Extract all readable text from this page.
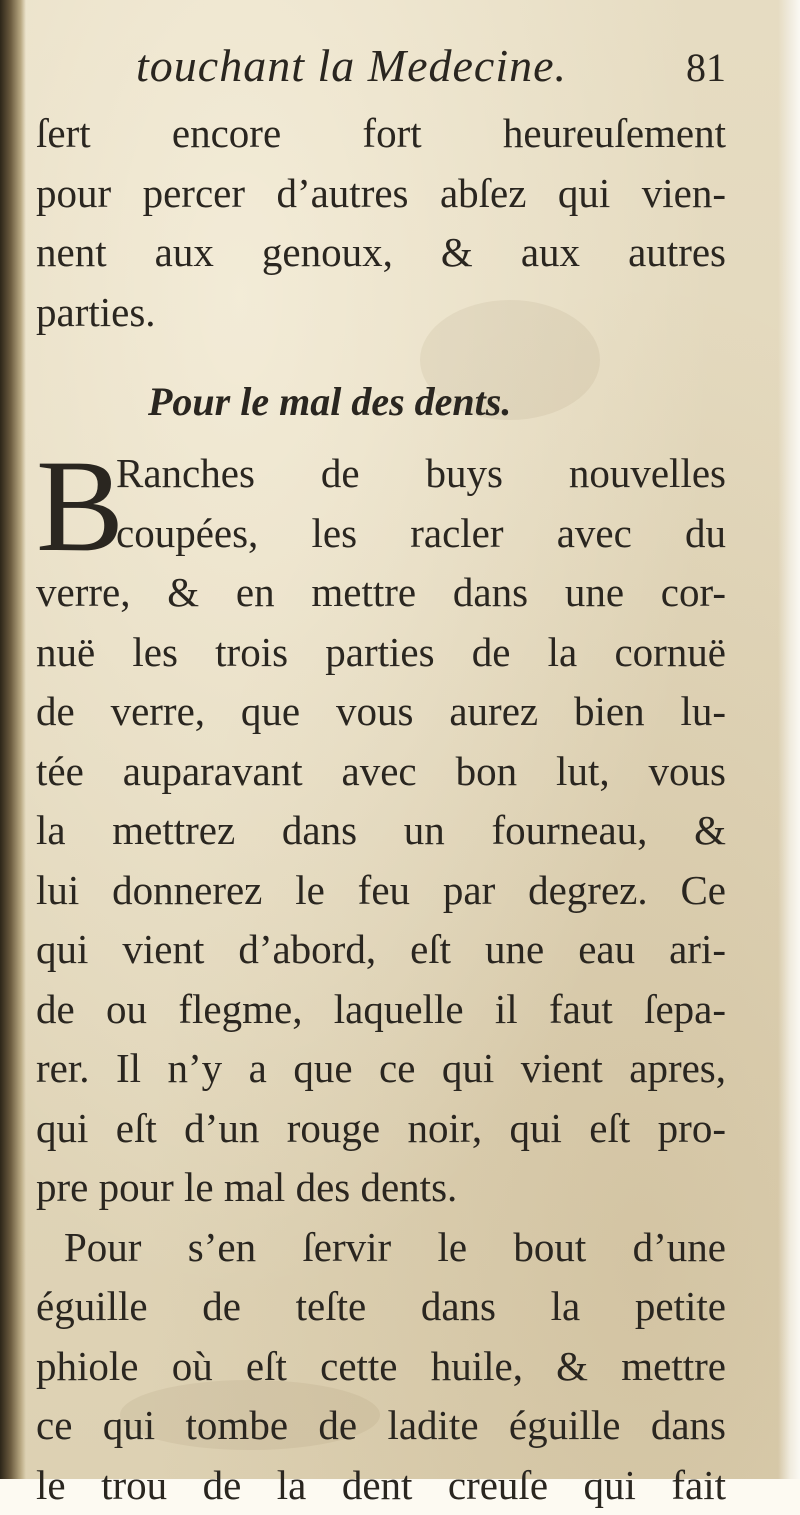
touchant la Medecine.	81
ſert encore fort heureuſement
pour percer d’autres abſez qui vien-
nent aux genoux, & aux autres
parties.
Pour le mal des dents.
B
Ranches de buys nouvelles
coupées, les racler avec du
verre, & en mettre dans une cor-
nuë les trois parties de la cornuë
de verre, que vous aurez bien lu-
tée auparavant avec bon lut, vous
la mettrez dans un fourneau, &
lui donnerez le feu par degrez. Ce
qui vient d’abord, eſt une eau ari-
de ou flegme, laquelle il faut ſepa-
rer. Il n’y a que ce qui vient apres,
qui eſt d’un rouge noir, qui eſt pro-
pre pour le mal des dents.
Pour s’en ſervir le bout d’une
éguille de teſte dans la petite
phiole où eſt cette huile, & mettre
ce qui tombe de ladite éguille dans
le trou de la dent creuſe qui fait
